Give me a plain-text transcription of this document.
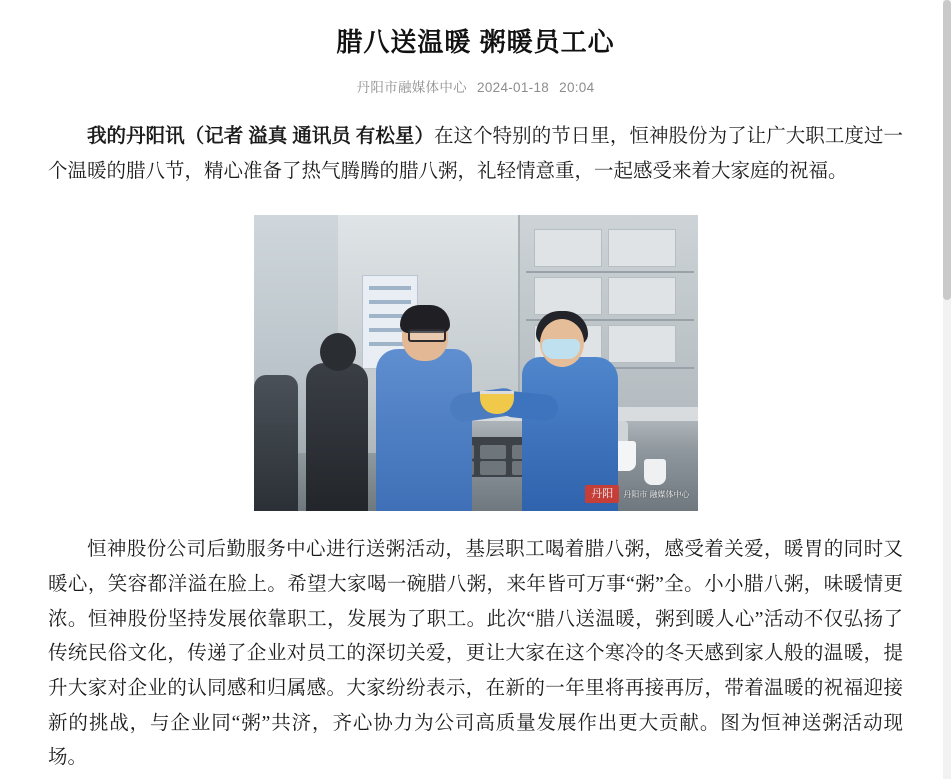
腊八送温暖 粥暖员工心
丹阳市融媒体中心 2024-01-18 20:04

我的丹阳讯（记者 溢真 通讯员 有松星）在这个特别的节日里，恒神股份为了让广大职工度过一个温暖的腊八节，精心准备了热气腾腾的腊八粥，礼轻情意重，一起感受来着大家庭的祝福。

丹阳	丹阳市 融媒体中心

恒神股份公司后勤服务中心进行送粥活动，基层职工喝着腊八粥，感受着关爱，暖胃的同时又暖心，笑容都洋溢在脸上。希望大家喝一碗腊八粥，来年皆可万事“粥”全。小小腊八粥，味暖情更浓。恒神股份坚持发展依靠职工，发展为了职工。此次“腊八送温暖，粥到暖人心”活动不仅弘扬了传统民俗文化，传递了企业对员工的深切关爱，更让大家在这个寒冷的冬天感到家人般的温暖，提升大家对企业的认同感和归属感。大家纷纷表示，在新的一年里将再接再厉，带着温暖的祝福迎接新的挑战，与企业同“粥”共济，齐心协力为公司高质量发展作出更大贡献。图为恒神送粥活动现场。
